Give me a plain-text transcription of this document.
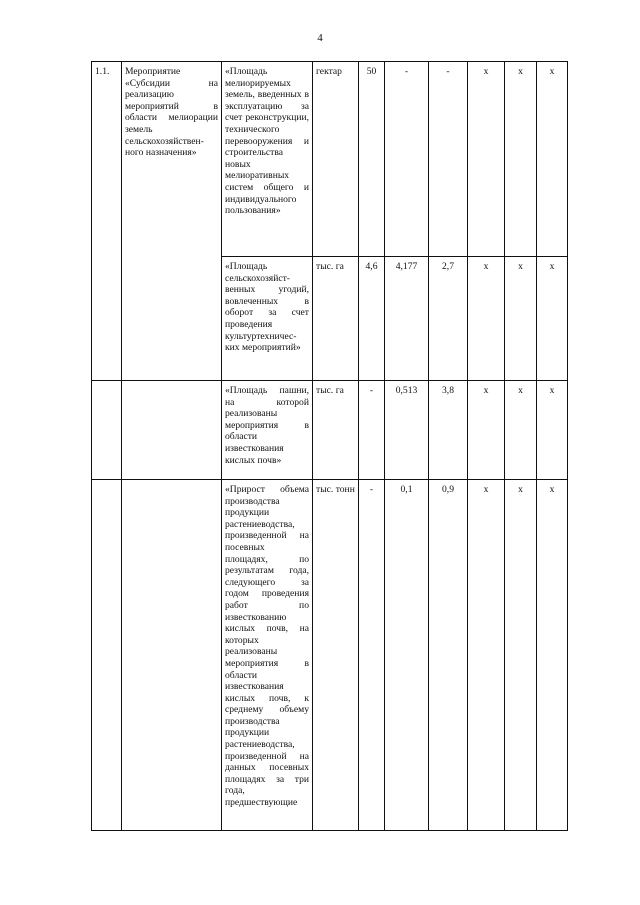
4
1.1.	Мероприятие «Субсидии на реализацию мероприятий в области мелиорации земель сельскохозяйствен-ного назначения»	«Площадь мелиорируемых земель, введенных в эксплуатацию за счет реконструкции, технического перевооружения и строительства новых мелиоративных систем общего и индивидуального пользования»	гектар	50	-	-	х	х	х
		«Площадь сельскохозяйст-венных угодий, вовлеченных в оборот за счет проведения культуртехничес-ких мероприятий»	тыс. га	4,6	4,177	2,7	х	х	х
		«Площадь пашни, на которой реализованы мероприятия в области известкования кислых почв»	тыс. га	-	0,513	3,8	х	х	х
		«Прирост объема производства продукции растениеводства, произведенной на посевных площадях, по результатам года, следующего за годом проведения работ по известкованию кислых почв, на которых реализованы мероприятия в области известкования кислых почв, к среднему объему производства продукции растениеводства, произведенной на данных посевных площадях за три года, предшествующие	тыс. тонн	-	0,1	0,9	х	х	х
